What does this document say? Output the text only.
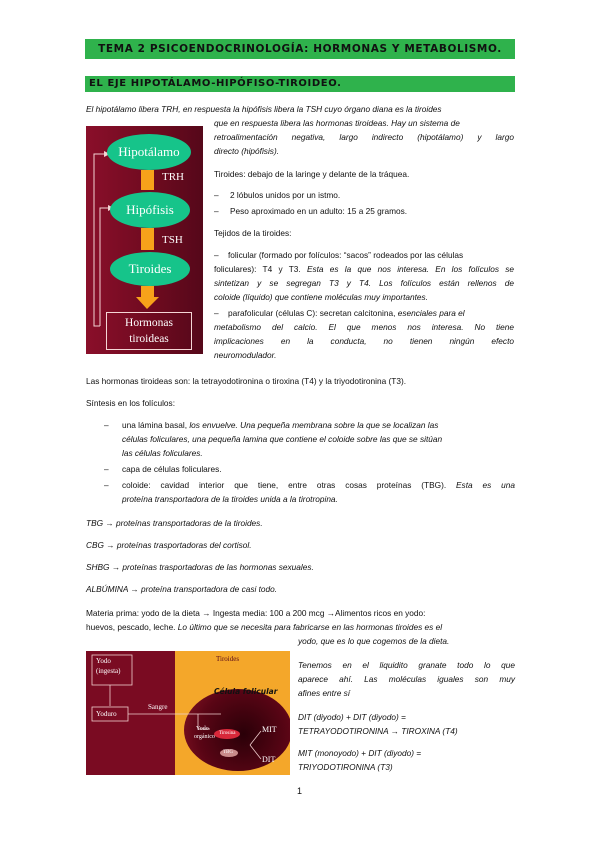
TEMA 2 PSICOENDOCRINOLOGÍA: HORMONAS Y METABOLISMO.
EL EJE HIPOTÁLAMO-HIPÓFISO-TIROIDEO.
El hipotálamo libera TRH, en respuesta la hipófisis libera la TSH cuyo órgano diana es la tiroides
que en respuesta libera las hormonas tiroideas. Hay un sistema de
retroalimentación negativa, largo indirecto (hipotálamo) y largo
directo (hipófisis).
Hipotálamo
TRH
Hipófisis
TSH
Tiroides
Hormonas
tiroideas
Tiroides: debajo de la laringe y delante de la tráquea.
– 2 lóbulos unidos por un istmo.
– Peso aproximado en un adulto: 15 a 25 gramos.
Tejidos de la tiroides:
– folicular (formado por folículos: “sacos” rodeados por las células
foliculares): T4 y T3. Esta es la que nos interesa. En los folículos se
sintetizan y se segregan T3 y T4. Los folículos están rellenos de
coloide (líquido) que contiene moléculas muy importantes.
– parafolicular (células C): secretan calcitonina, esenciales para el
metabolismo del calcio. El que menos nos interesa. No tiene
implicaciones en la conducta, no tienen ningún efecto
neuromodulador.
Las hormonas tiroideas son: la tetrayodotironina o tiroxina (T4) y la triyodotironina (T3).
Síntesis en los folículos:
– una lámina basal, los envuelve. Una pequeña membrana sobre la que se localizan las
células foliculares, una pequeña lamina que contiene el coloide sobre las que se sitúan
las células foliculares.
– capa de células foliculares.
– coloide: cavidad interior que tiene, entre otras cosas proteínas (TBG). Esta es una
proteína transportadora de la tiroides unida a la tirotropina.
TBG → proteínas transportadoras de la tiroides.
CBG → proteínas trasportadoras del cortisol.
SHBG → proteínas trasportadoras de las hormonas sexuales.
ALBÚMINA → proteína transportadora de casi todo.
Materia prima: yodo de la dieta → Ingesta media: 100 a 200 mcg →Alimentos ricos en yodo:
huevos, pescado, leche. Lo último que se necesita para fabricarse en las hormonas tiroides es el
yodo, que es lo que cogemos de la dieta.
Yodo
(ingesta)
Yoduro
Sangre
Tiroides
Célula folicular
Yodo
orgánico
Tirosina
TBG
MIT
DIT
Tenemos en el liquidito granate todo lo que
aparece ahí. Las moléculas iguales son muy
afines entre sí
DIT (diyodo) + DIT (diyodo) =
TETRAYODOTIRONINA → TIROXINA (T4)
MIT (monoyodo) + DIT (diyodo) =
TRIYODOTIRONINA (T3)
1
